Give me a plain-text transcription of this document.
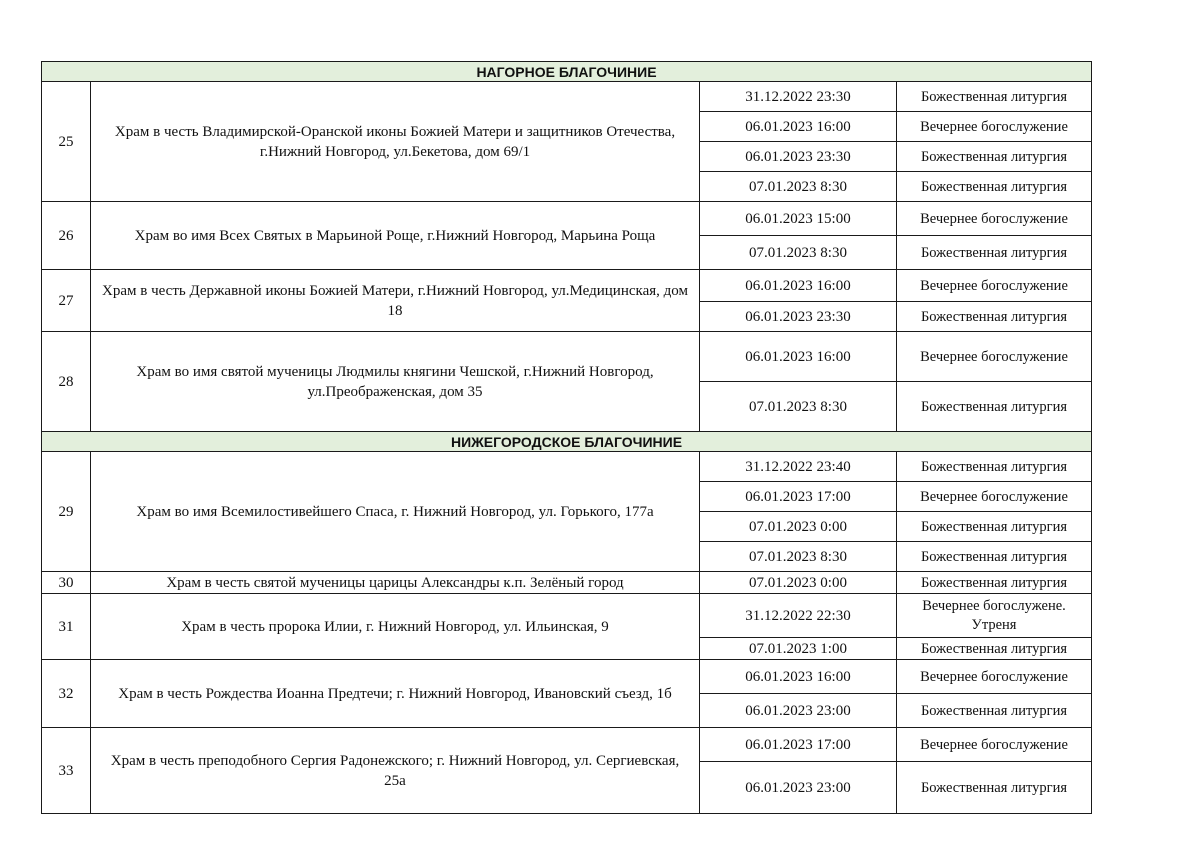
НАГОРНОЕ БЛАГОЧИНИЕ			
25	Храм в честь Владимирской-Оранской иконы Божией Матери и защитников Отечества, г.Нижний Новгород, ул.Бекетова, дом 69/1	31.12.2022 23:30	Божественная литургия
		06.01.2023 16:00	Вечернее богослужение
		06.01.2023 23:30	Божественная литургия
		07.01.2023 8:30	Божественная литургия
26	Храм во имя Всех Святых в Марьиной Роще, г.Нижний Новгород, Марьина Роща	06.01.2023 15:00	Вечернее богослужение
		07.01.2023 8:30	Божественная литургия
27	Храм в честь Державной иконы Божией Матери, г.Нижний Новгород, ул.Медицинская, дом 18	06.01.2023 16:00	Вечернее богослужение
		06.01.2023 23:30	Божественная литургия
28	Храм во имя святой мученицы Людмилы княгини Чешской, г.Нижний Новгород, ул.Преображенская, дом 35	06.01.2023 16:00	Вечернее богослужение
		07.01.2023 8:30	Божественная литургия
НИЖЕГОРОДСКОЕ БЛАГОЧИНИЕ			
29	Храм во имя Всемилостивейшего Спаса, г. Нижний Новгород, ул. Горького, 177а	31.12.2022 23:40	Божественная литургия
		06.01.2023 17:00	Вечернее богослужение
		07.01.2023 0:00	Божественная литургия
		07.01.2023 8:30	Божественная литургия
30	Храм в честь святой мученицы царицы Александры к.п. Зелёный город	07.01.2023 0:00	Божественная литургия
31	Храм в честь пророка Илии, г. Нижний Новгород, ул. Ильинская, 9	31.12.2022 22:30	Вечернее богослужене. Утреня
		07.01.2023 1:00	Божественная литургия
32	Храм в честь Рождества Иоанна Предтечи; г. Нижний Новгород, Ивановский съезд, 1б	06.01.2023 16:00	Вечернее богослужение
		06.01.2023 23:00	Божественная литургия
33	Храм в честь преподобного Сергия Радонежского; г. Нижний Новгород, ул. Сергиевская, 25а	06.01.2023 17:00	Вечернее богослужение
		06.01.2023 23:00	Божественная литургия
